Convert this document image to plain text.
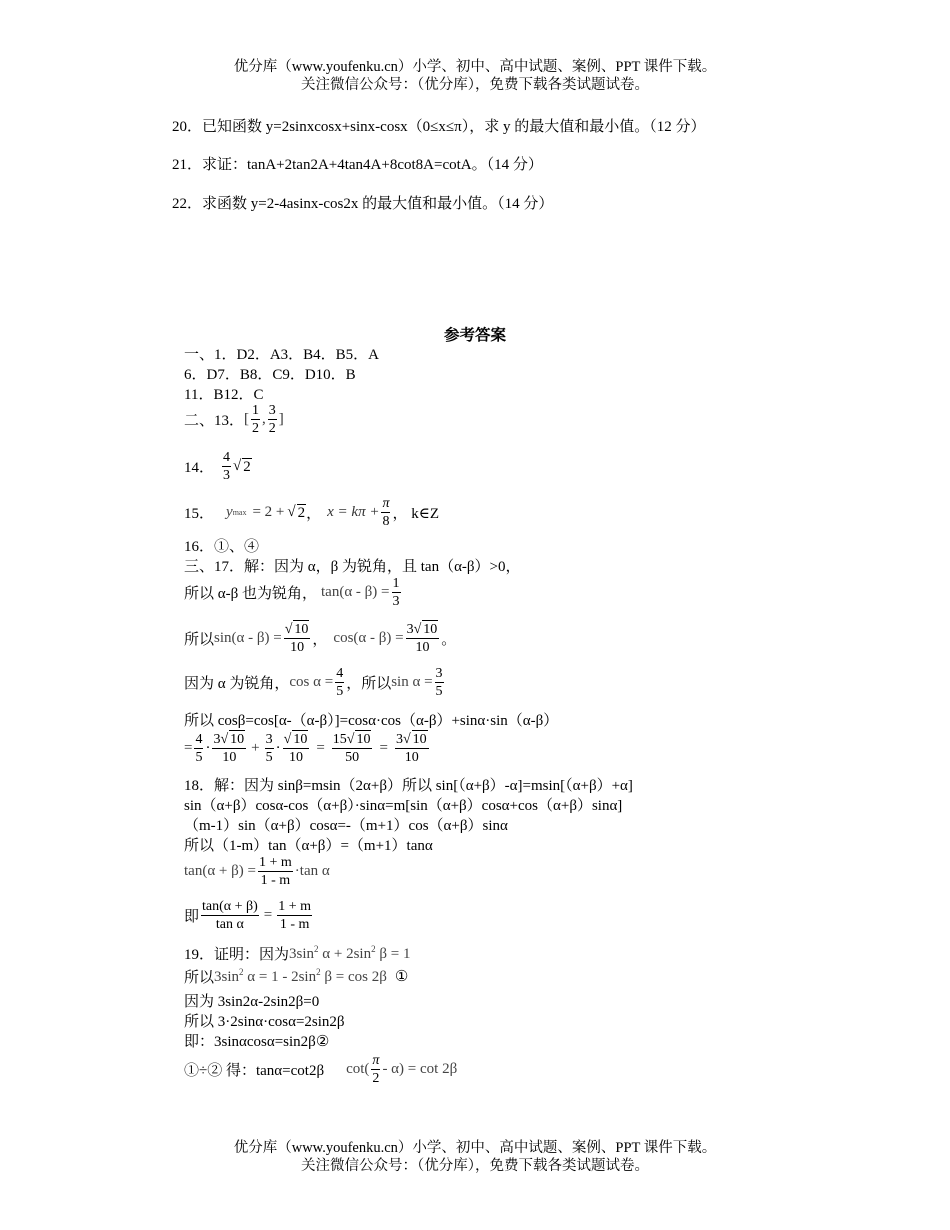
优分库（www.youfenku.cn）小学、初中、高中试题、案例、PPT 课件下载。
关注微信公众号：（优分库），免费下载各类试题试卷。
20．已知函数 y=2sinxcosx+sinx-cosx（0≤x≤π），求 y 的最大值和最小值。（12 分）
21．求证：tanA+2tan2A+4tan4A+8cot8A=cotA。（14 分）
22．求函数 y=2-4asinx-cos2x 的最大值和最小值。（14 分）
参考答案
一、1．D2．A3．B4．B5．A
6．D7．B8．C9．D10．B
11．B12．C
二、13． [ $\frac{1}{2}$ , $\frac{3}{2}$ ]
14． $\frac{4}{3}$ √ 2
15． y max = 2 + √ 2 ， $x = k\pi + \frac{\pi}{8}$ ， k∈Z
16．①、④
三、17．解：因为 α，β 为锐角，且 tan（α-β）>0，
所以 α-β 也为锐角， $\tan(\alpha - \beta) = \frac{1}{3}$
所以 $\sin(\alpha - \beta) = \frac{√ 10}{10}$ ， $\cos(\alpha - \beta) = \frac{3√ 10}{10}$ 。
因为 α 为锐角， $\cos \alpha = \frac{4}{5}$ ，所以 $\sin \alpha = \frac{3}{5}$
所以 cosβ=cos[α-（α-β）]=cosα·cos（α-β）+sinα·sin（α-β）
= $\frac{4}{5} \cdot \frac{3√ 10}{10} + \frac{3}{5} \cdot \frac{√ 10}{10} = \frac{15√ 10}{50} = \frac{3√ 10}{10}$
18．解：因为 sinβ=msin（2α+β）所以 sin[（α+β）-α]=msin[（α+β）+α]
sin（α+β）cosα-cos（α+β）·sinα=m[sin（α+β）cosα+cos（α+β）sinα]
（m-1）sin（α+β）cosα=-（m+1）cos（α+β）sinα
所以（1-m）tan（α+β）=（m+1）tanα
$\tan(\alpha + \beta) = \frac{1 + m}{1 - m} \cdot\tan$ α
即 $\frac{\tan(\alpha + \beta)}{\text{tan α}} = \frac{1 + m}{1 - m}$
19．证明：因为 $3\sin^2$ $\alpha + 2\sin^2$ β = 1
所以 $3\sin^2$ $\alpha = 1 - 2\sin^2$ β = cos 2β ①
因为 3sin2α-2sin2β=0
所以 3·2sinα·cosα=2sin2β
即：3sinαcosα=sin2β②
①÷② 得：tanα=cot2β $\cot( \frac{\pi}{2} - \alpha) = \cot 2\beta$
优分库（www.youfenku.cn）小学、初中、高中试题、案例、PPT 课件下载。
关注微信公众号：（优分库），免费下载各类试题试卷。
